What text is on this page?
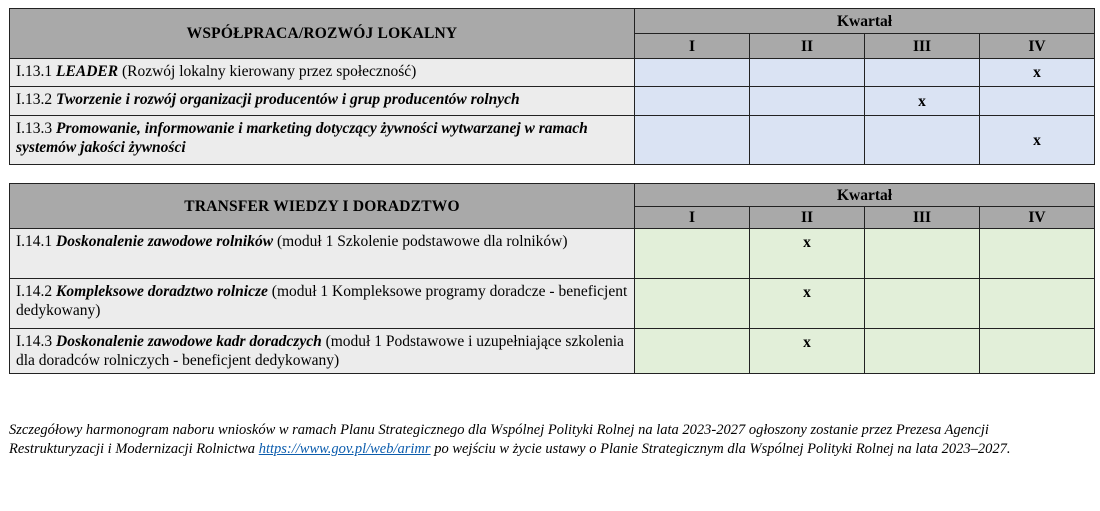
WSPÓŁPRACA/ROZWÓJ LOKALNY	Kwartał			
	I	II	III	IV
I.13.1 LEADER (Rozwój lokalny kierowany przez społeczność)				x
I.13.2 Tworzenie i rozwój organizacji producentów i grup producentów rolnych			x	
I.13.3 Promowanie, informowanie i marketing dotyczący żywności wytwarzanej w ramach systemów jakości żywności				x
TRANSFER WIEDZY I DORADZTWO	Kwartał			
	I	II	III	IV
I.14.1 Doskonalenie zawodowe rolników (moduł 1 Szkolenie podstawowe dla rolników)		x		
I.14.2 Kompleksowe doradztwo rolnicze (moduł 1 Kompleksowe programy doradcze - beneficjent dedykowany)		x		
I.14.3 Doskonalenie zawodowe kadr doradczych (moduł 1 Podstawowe i uzupełniające szkolenia dla doradców rolniczych - beneficjent dedykowany)		x		
Szczegółowy harmonogram naboru wniosków w ramach Planu Strategicznego dla Wspólnej Polityki Rolnej na lata 2023-2027 ogłoszony zostanie przez Prezesa Agencji Restrukturyzacji i Modernizacji Rolnictwa https://www.gov.pl/web/arimr po wejściu w życie ustawy o Planie Strategicznym dla Wspólnej Polityki Rolnej na lata 2023–2027.
